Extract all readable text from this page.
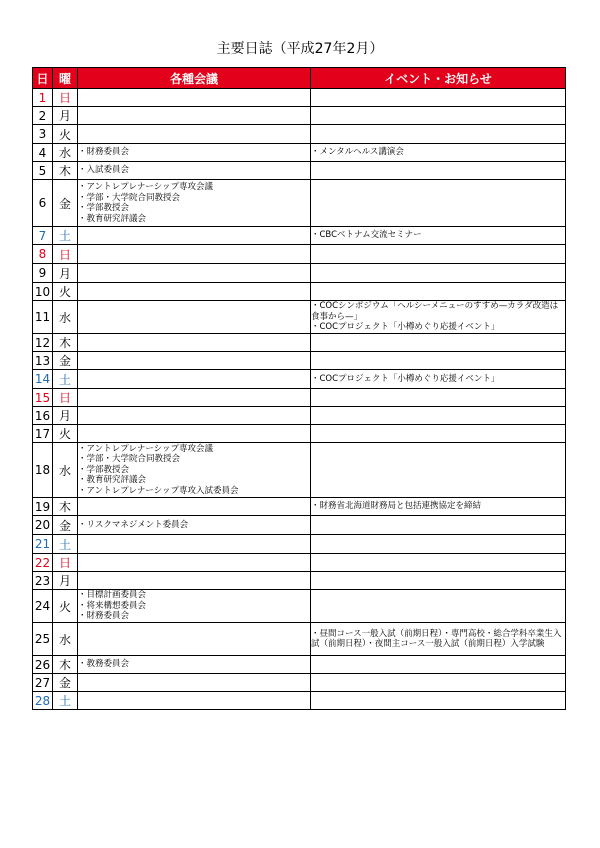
主要日誌（平成27年2月）
日	曜	各種会議	イベント・お知らせ
1	日		
2	月		
3	火		
4	水	・財務委員会	・メンタルヘルス講演会

5	木	・入試委員会	

6	金	・アントレプレナーシップ専攻会議
・学部・大学院合同教授会
・学部教授会
・教育研究評議会	

7	土		・CBCベトナム交流セミナー

8	日		
9	月		
10	火		
11	水		・COCシンポジウム「ヘルシーメニューのすすめ—カラダ改造は食事から—」
・COCプロジェクト「小樽めぐり応援イベント」

12	木		
13	金		
14	土		・COCプロジェクト「小樽めぐり応援イベント」

15	日		
16	月		
17	火		
18	水	・アントレプレナーシップ専攻会議
・学部・大学院合同教授会
・学部教授会
・教育研究評議会
・アントレプレナーシップ専攻入試委員会	

19	木		・財務省北海道財務局と包括連携協定を締結

20	金	・リスクマネジメント委員会	

21	土		
22	日		
23	月		
24	火	・目標計画委員会
・将来構想委員会
・財務委員会	

25	水		・昼間コース一般入試（前期日程）・専門高校・総合学科卒業生入試（前期日程）・夜間主コース一般入試（前期日程）入学試験

26	木	・教務委員会	

27	金		
28	土		
